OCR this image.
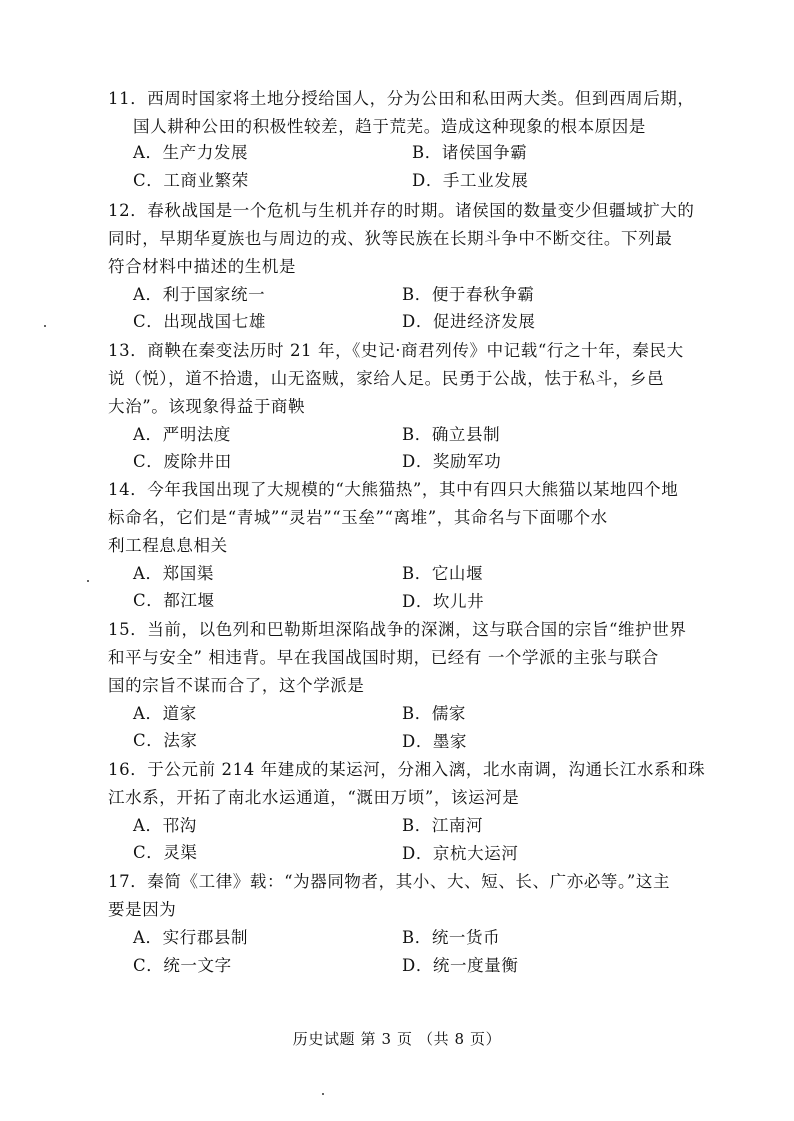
11．西周时国家将土地分授给国人，分为公田和私田两大类。但到西周后期，
国人耕种公田的积极性较差，趋于荒芜。造成这种现象的根本原因是
A．生产力发展	B．诸侯国争霸
C．工商业繁荣	D．手工业发展
12．春秋战国是一个危机与生机并存的时期。诸侯国的数量变少但疆域扩大的
同时，早期华夏族也与周边的戎、狄等民族在长期斗争中不断交往。下列最
符合材料中描述的生机是
A．利于国家统一	B．便于春秋争霸
C．出现战国七雄	D．促进经济发展
13．商鞅在秦变法历时 21 年，《史记·商君列传》中记载“行之十年，秦民大
说（悦），道不拾遗，山无盗贼，家给人足。民勇于公战，怯于私斗，乡邑
大治”。该现象得益于商鞅
A．严明法度	B．确立县制
C．废除井田	D．奖励军功
14．今年我国出现了大规模的“大熊猫热”，其中有四只大熊猫以某地四个地
标命名，它们是“青城”“灵岩”“玉垒”“离堆”，其命名与下面哪个水
利工程息息相关
A．郑国渠	B．它山堰
C．都江堰	D．坎儿井
15．当前，以色列和巴勒斯坦深陷战争的深渊，这与联合国的宗旨“维护世界
和平与安全” 相违背。早在我国战国时期，已经有 一个学派的主张与联合
国的宗旨不谋而合了，这个学派是
A．道家	B．儒家
C．法家	D．墨家
16．于公元前 214 年建成的某运河，分湘入漓，北水南调，沟通长江水系和珠
江水系，开拓了南北水运通道，“溉田万顷”，该运河是
A．邗沟	B．江南河
C．灵渠	D．京杭大运河
17．秦简《工律》载：“为器同物者，其小、大、短、长、广亦必等。”这主
要是因为
A．实行郡县制	B．统一货币
C．统一文字	D．统一度量衡
历史试题 第 3 页 （共 8 页）
